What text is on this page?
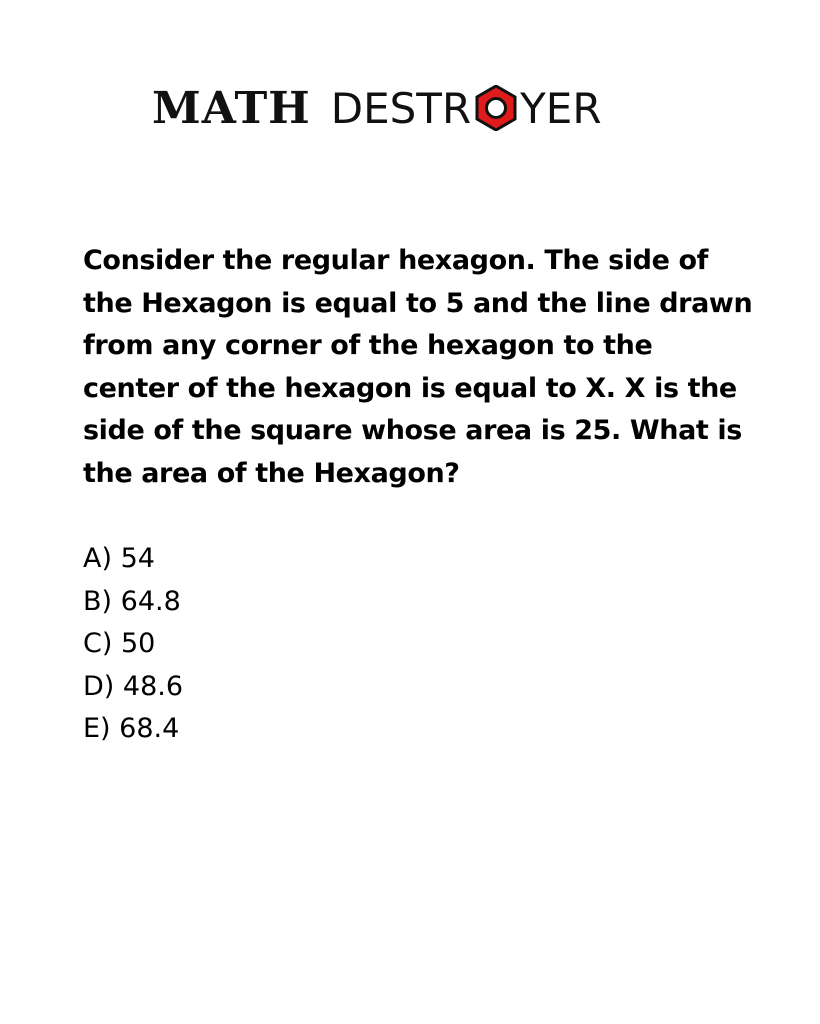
MATH DESTR YER

Consider the regular hexagon. The side of
the Hexagon is equal to 5 and the line drawn
from any corner of the hexagon to the
center of the hexagon is equal to X. X is the
side of the square whose area is 25. What is
the area of the Hexagon?

A) 54
B) 64.8
C) 50
D) 48.6
E) 68.4
